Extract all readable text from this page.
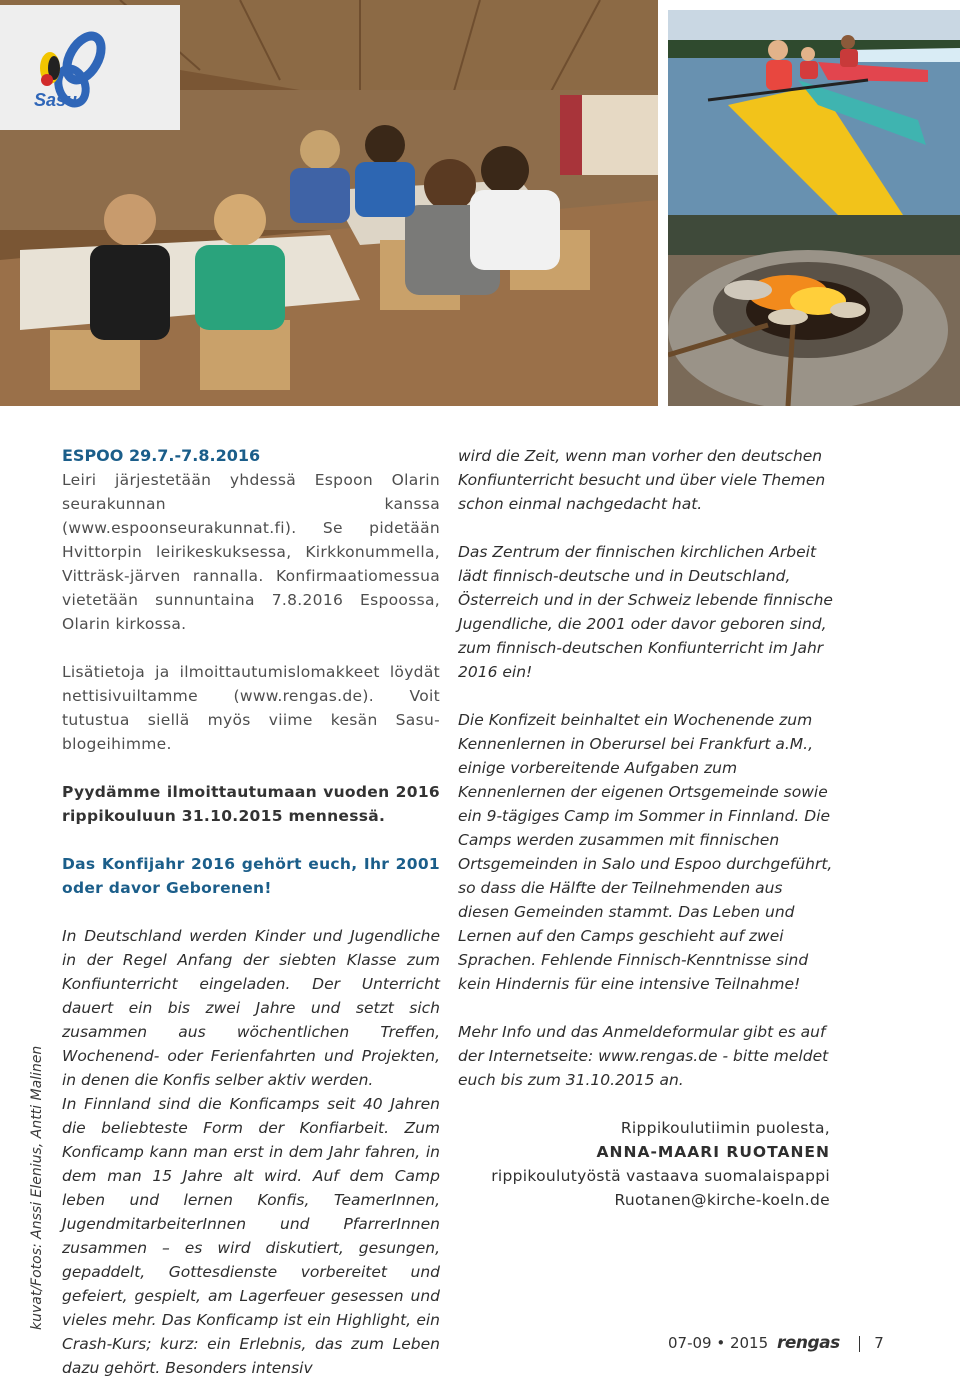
Sasu
kuvat/Fotos: Anssi Elenius, Antti Malinen

ESPOO 29.7.-7.8.2016

Leiri järjestetään yhdessä Espoon Olarin seurakunnan kanssa (www.espoonseurakunnat.fi). Se pidetään Hvittorpin leirikeskuksessa, Kirkkonummella, Vitträsk-järven rannalla. Konfirmaatiomessua vietetään sunnuntaina 7.8.2016 Espoossa, Olarin kirkossa.

Lisätietoja ja ilmoittautumislomakkeet löydät nettisivuiltamme (www.rengas.de). Voit tutustua siellä myös viime kesän Sasu-blogeihimme.

Pyydämme ilmoittautumaan vuoden 2016 rippikouluun 31.10.2015 mennessä.

Das Konfijahr 2016 gehört euch, Ihr 2001 oder davor Geborenen!

In Deutschland werden Kinder und Jugendliche in der Regel Anfang der siebten Klasse zum Konfiunterricht eingeladen. Der Unterricht dauert ein bis zwei Jahre und setzt sich zusammen aus wöchentlichen Treffen, Wochenend- oder Ferienfahrten und Projekten, in denen die Konfis selber aktiv werden.

In Finnland sind die Konficamps seit 40 Jahren die beliebteste Form der Konfiarbeit. Zum Konficamp kann man erst in dem Jahr fahren, in dem man 15 Jahre alt wird. Auf dem Camp leben und lernen Konfis, TeamerInnen, JugendmitarbeiterInnen und PfarrerInnen zusammen – es wird diskutiert, gesungen, gepaddelt, Gottesdienste vorbereitet und gefeiert, gespielt, am Lagerfeuer gesessen und vieles mehr. Das Konficamp ist ein Highlight, ein Crash-Kurs; kurz: ein Erlebnis, das zum Leben dazu gehört. Besonders intensiv

wird die Zeit, wenn man vorher den deutschen Konfiunterricht besucht und über viele Themen schon einmal nachgedacht hat.

Das Zentrum der finnischen kirchlichen Arbeit lädt finnisch-deutsche und in Deutschland, Österreich und in der Schweiz lebende finnische Jugendliche, die 2001 oder davor geboren sind, zum finnisch-deutschen Konfiunterricht im Jahr 2016 ein!

Die Konfizeit beinhaltet ein Wochenende zum Kennenlernen in Oberursel bei Frankfurt a.M., einige vorbereitende Aufgaben zum Kennenlernen der eigenen Ortsgemeinde sowie ein 9-tägiges Camp im Sommer in Finnland. Die Camps werden zusammen mit finnischen Ortsgemeinden in Salo und Espoo durchgeführt, so dass die Hälfte der Teilnehmenden aus diesen Gemeinden stammt. Das Leben und Lernen auf den Camps geschieht auf zwei Sprachen. Fehlende Finnisch-Kenntnisse sind kein Hindernis für eine intensive Teilnahme!

Mehr Info und das Anmeldeformular gibt es auf der Internetseite: www.rengas.de - bitte meldet euch bis zum 31.10.2015 an.

Rippikoulutiimin puolesta,
ANNA-MAARI RUOTANEN
rippikoulutyöstä vastaava suomalaispappi
Ruotanen@kirche-koeln.de
07-09 • 2015 rengas 7
